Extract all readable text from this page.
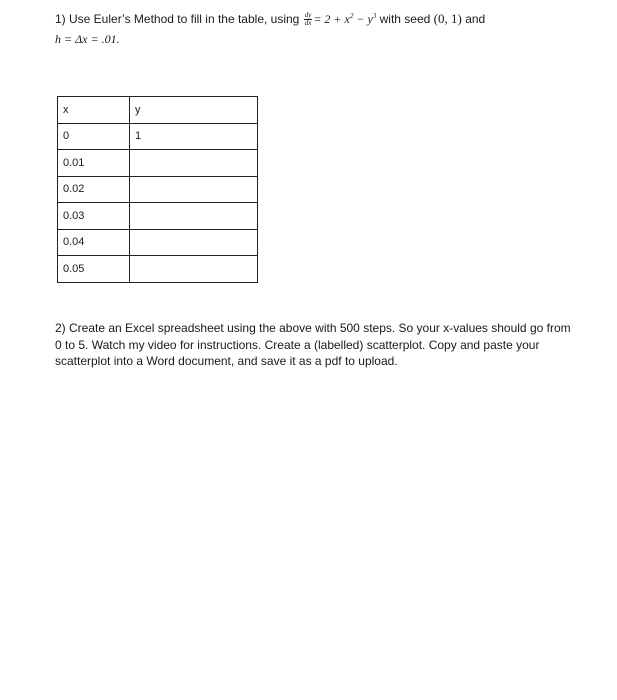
1) Use Euler’s Method to fill in the table, using $\frac{dy}{dx} = 2 + x^2 - y^3$ with seed (0, 1) and
h = Δx = .01.
x	y
0	1
0.01	
0.02	
0.03	
0.04	
0.05	
2) Create an Excel spreadsheet using the above with 500 steps. So your x-values should go from 0 to 5. Watch my video for instructions. Create a (labelled) scatterplot. Copy and paste your scatterplot into a Word document, and save it as a pdf to upload.
